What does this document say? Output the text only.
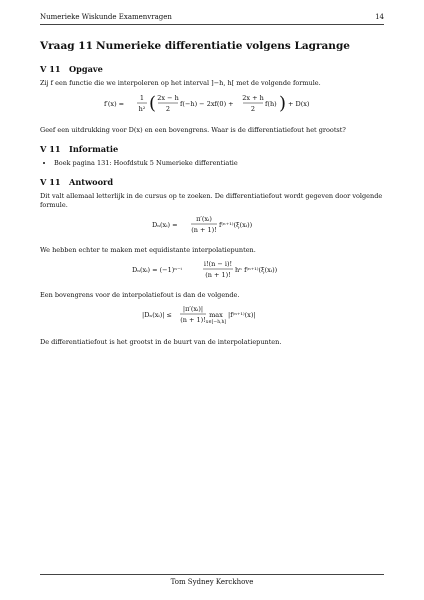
Numerieke Wiskunde Examenvragen	14
Vraag 11 Numerieke differentiatie volgens Lagrange
V 11 Opgave

Zij f een functie die we interpoleren op het interval ]−h, h[ met de volgende formule.

f′(x) =
1
h² ( 2x − h
2
f(−h) − 2xf(0) +
2x + h
2
f(h) ) + D(x)

Geef een uitdrukking voor D(x) en een bovengrens. Waar is de differentiatiefout het grootst?

V 11 Informatie
• Boek pagina 131: Hoofdstuk 5 Numerieke differentiatie
V 11 Antwoord

Dit valt allemaal letterlijk in de cursus op te zoeken. De differentiatiefout wordt gegeven door volgende formule.

Dₙ(xᵢ) =
π′(xᵢ)
(n + 1)!
f⁽ⁿ⁺¹⁾(ξ(xᵢ))

We hebben echter te maken met equidistante interpolatiepunten.

Dₙ(xᵢ) = (−1)ⁿ⁻ⁱ
i!(n − i)!
(n + 1)!
hⁿ f⁽ⁿ⁺¹⁾(ξ(xᵢ))

Een bovengrens voor de interpolatiefout is dan de volgende.

|Dₙ(xᵢ)| ≤
|π′(xᵢ)|
(n + 1)!
max
x∈[−h,h]
|f⁽ⁿ⁺¹⁾(x)|

De differentiatiefout is het grootst in de buurt van de interpolatiepunten.

Tom Sydney Kerckhove
